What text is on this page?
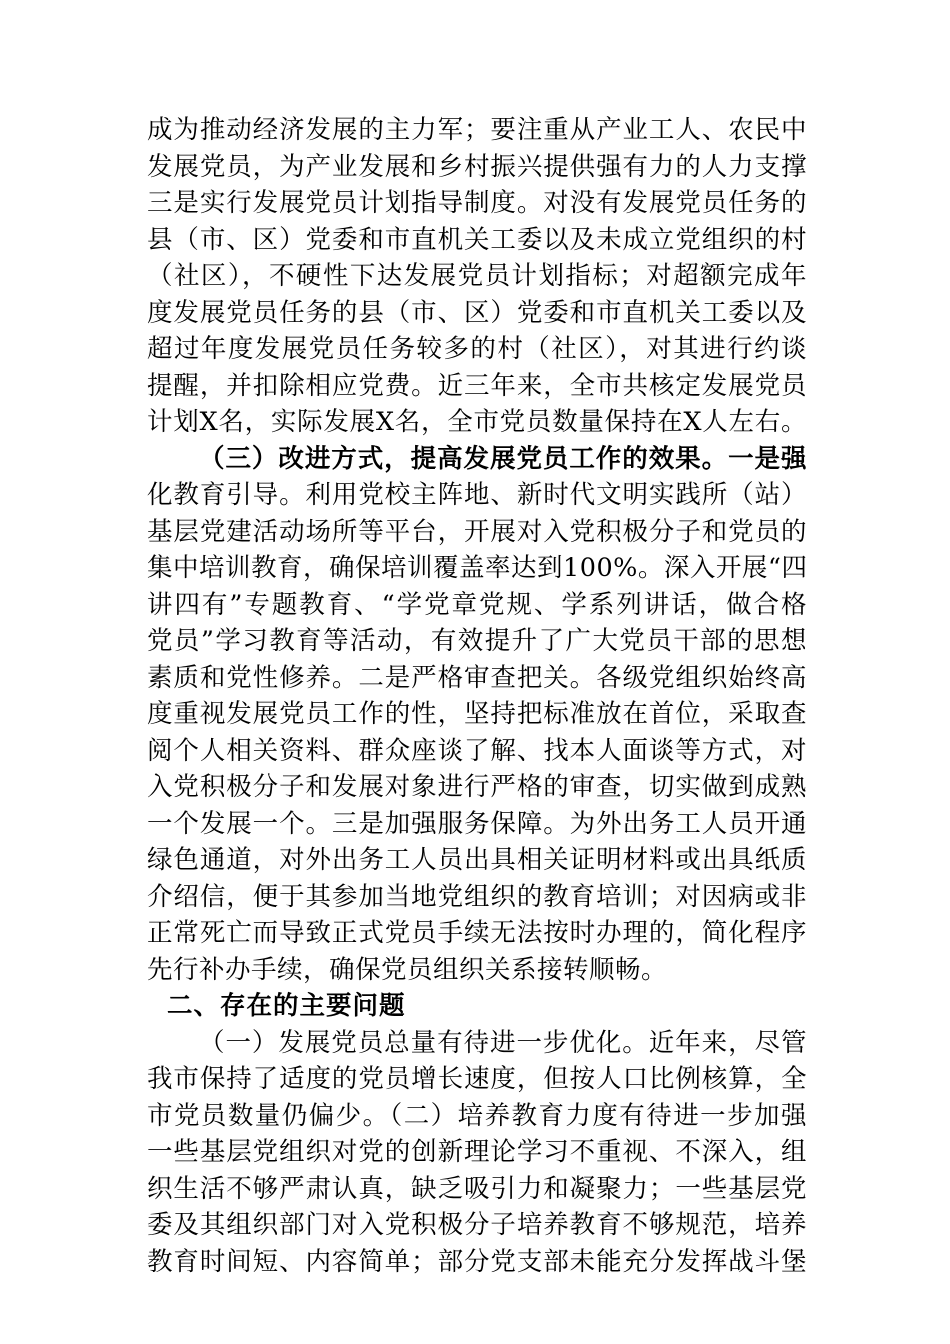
成为推动经济发展的主力军；要注重从产业工人、农民中
发展党员，为产业发展和乡村振兴提供强有力的人力支撑
三是实行发展党员计划指导制度。对没有发展党员任务的
县（市、区）党委和市直机关工委以及未成立党组织的村
（社区），不硬性下达发展党员计划指标；对超额完成年
度发展党员任务的县（市、区）党委和市直机关工委以及
超过年度发展党员任务较多的村（社区），对其进行约谈
提醒，并扣除相应党费。近三年来，全市共核定发展党员
计划X名，实际发展X名，全市党员数量保持在X人左右。
（三）改进方式，提高发展党员工作的效果。一是强
化教育引导。利用党校主阵地、新时代文明实践所（站）
基层党建活动场所等平台，开展对入党积极分子和党员的
集中培训教育，确保培训覆盖率达到100%。深入开展“四
讲四有”专题教育、“学党章党规、学系列讲话，做合格
党员”学习教育等活动，有效提升了广大党员干部的思想
素质和党性修养。二是严格审查把关。各级党组织始终高
度重视发展党员工作的性，坚持把标准放在首位，采取查
阅个人相关资料、群众座谈了解、找本人面谈等方式，对
入党积极分子和发展对象进行严格的审查，切实做到成熟
一个发展一个。三是加强服务保障。为外出务工人员开通
绿色通道，对外出务工人员出具相关证明材料或出具纸质
介绍信，便于其参加当地党组织的教育培训；对因病或非
正常死亡而导致正式党员手续无法按时办理的，简化程序
先行补办手续，确保党员组织关系接转顺畅。
二、存在的主要问题
（一）发展党员总量有待进一步优化。近年来，尽管
我市保持了适度的党员增长速度，但按人口比例核算，全
市党员数量仍偏少。（二）培养教育力度有待进一步加强
一些基层党组织对党的创新理论学习不重视、不深入，组
织生活不够严肃认真，缺乏吸引力和凝聚力；一些基层党
委及其组织部门对入党积极分子培养教育不够规范，培养
教育时间短、内容简单；部分党支部未能充分发挥战斗堡
